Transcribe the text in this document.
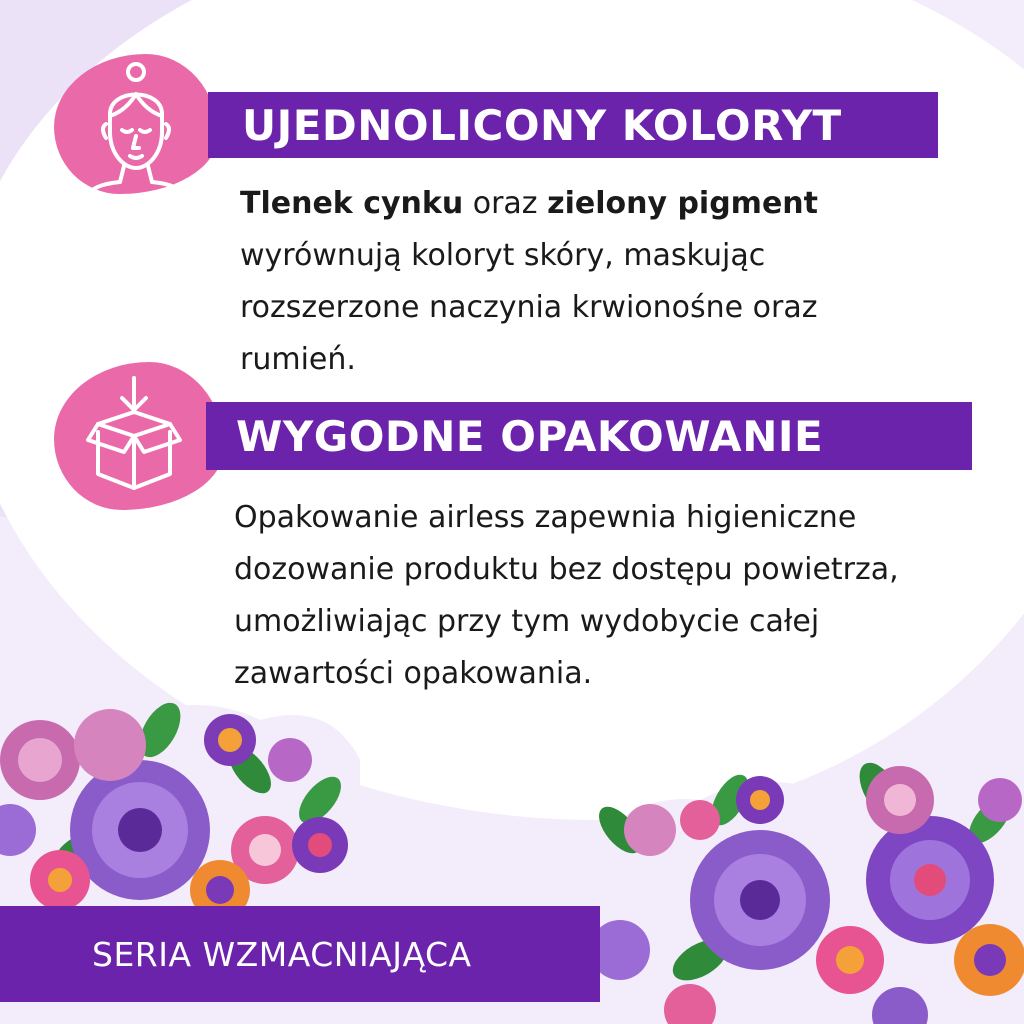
UJEDNOLICONY KOLORYT
Tlenek cynku oraz zielony pigment wyrównują koloryt skóry, maskując rozszerzone naczynia krwionośne oraz rumień.
WYGODNE OPAKOWANIE
Opakowanie airless zapewnia higieniczne dozowanie produktu bez dostępu powietrza, umożliwiając przy tym wydobycie całej zawartości opakowania.
SERIA WZMACNIAJĄCA
